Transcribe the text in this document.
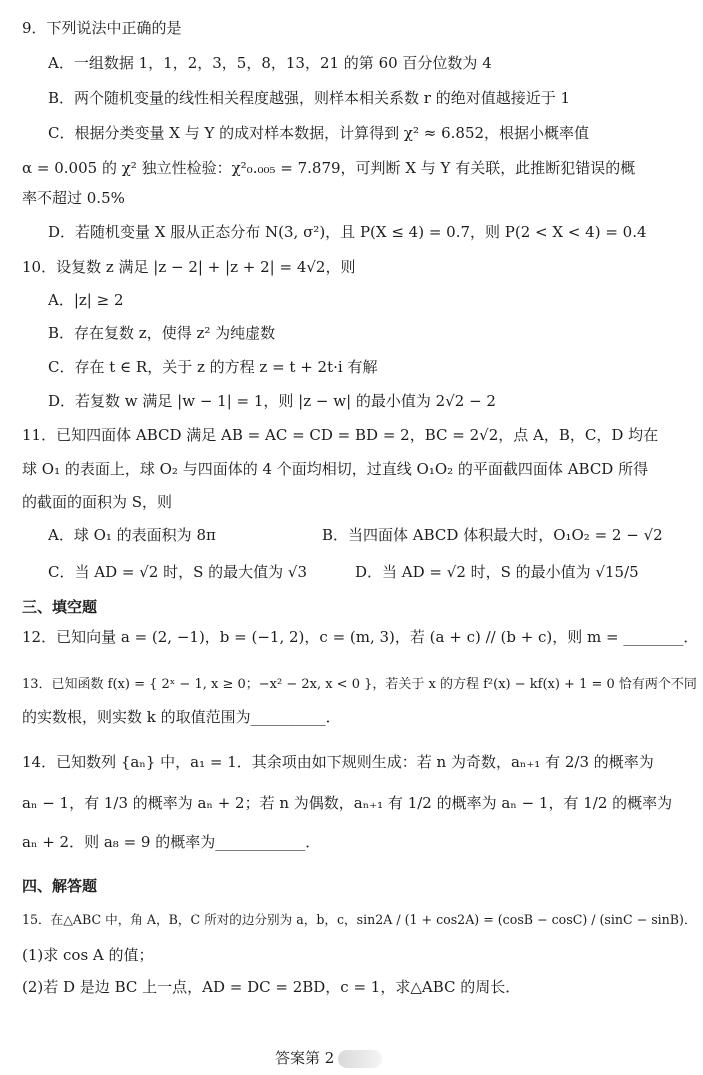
9．下列说法中正确的是
A．一组数据 1，1，2，3，5，8，13，21 的第 60 百分位数为 4
B．两个随机变量的线性相关程度越强，则样本相关系数 r 的绝对值越接近于 1
C．根据分类变量 X 与 Y 的成对样本数据，计算得到 χ² ≈ 6.852，根据小概率值
α = 0.005 的 χ² 独立性检验：χ²₀.₀₀₅ = 7.879，可判断 X 与 Y 有关联，此推断犯错误的概
率不超过 0.5%
D．若随机变量 X 服从正态分布 N(3, σ²)，且 P(X ≤ 4) = 0.7，则 P(2 < X < 4) = 0.4
10．设复数 z 满足 |z − 2| + |z + 2| = 4√2，则
A．|z| ≥ 2
B．存在复数 z，使得 z² 为纯虚数
C．存在 t ∈ R，关于 z 的方程 z = t + 2t·i 有解
D．若复数 w 满足 |w − 1| = 1，则 |z − w| 的最小值为 2√2 − 2
11．已知四面体 ABCD 满足 AB = AC = CD = BD = 2，BC = 2√2，点 A，B，C，D 均在
球 O₁ 的表面上，球 O₂ 与四面体的 4 个面均相切，过直线 O₁O₂ 的平面截四面体 ABCD 所得
的截面的面积为 S，则
A．球 O₁ 的表面积为 8π	B．当四面体 ABCD 体积最大时，O₁O₂ = 2 − √2
C．当 AD = √2 时，S 的最大值为 √3	D．当 AD = √2 时，S 的最小值为 √15/5
三、填空题
12．已知向量 a = (2, −1)，b = (−1, 2)，c = (m, 3)，若 (a + c) // (b + c)，则 m = ________．
13．已知函数 f(x) = { 2ˣ − 1, x ≥ 0；−x² − 2x, x < 0 }，若关于 x 的方程 f²(x) − kf(x) + 1 = 0 恰有两个不同
的实数根，则实数 k 的取值范围为__________．
14．已知数列 {aₙ} 中，a₁ = 1．其余项由如下规则生成：若 n 为奇数，aₙ₊₁ 有 2/3 的概率为
aₙ − 1，有 1/3 的概率为 aₙ + 2；若 n 为偶数，aₙ₊₁ 有 1/2 的概率为 aₙ − 1，有 1/2 的概率为
aₙ + 2．则 a₈ = 9 的概率为____________．
四、解答题
15．在△ABC 中，角 A，B，C 所对的边分别为 a，b，c，sin2A / (1 + cos2A) = (cosB − cosC) / (sinC − sinB)．
(1)求 cos A 的值；
(2)若 D 是边 BC 上一点，AD = DC = 2BD，c = 1，求△ABC 的周长．
答案第 2
